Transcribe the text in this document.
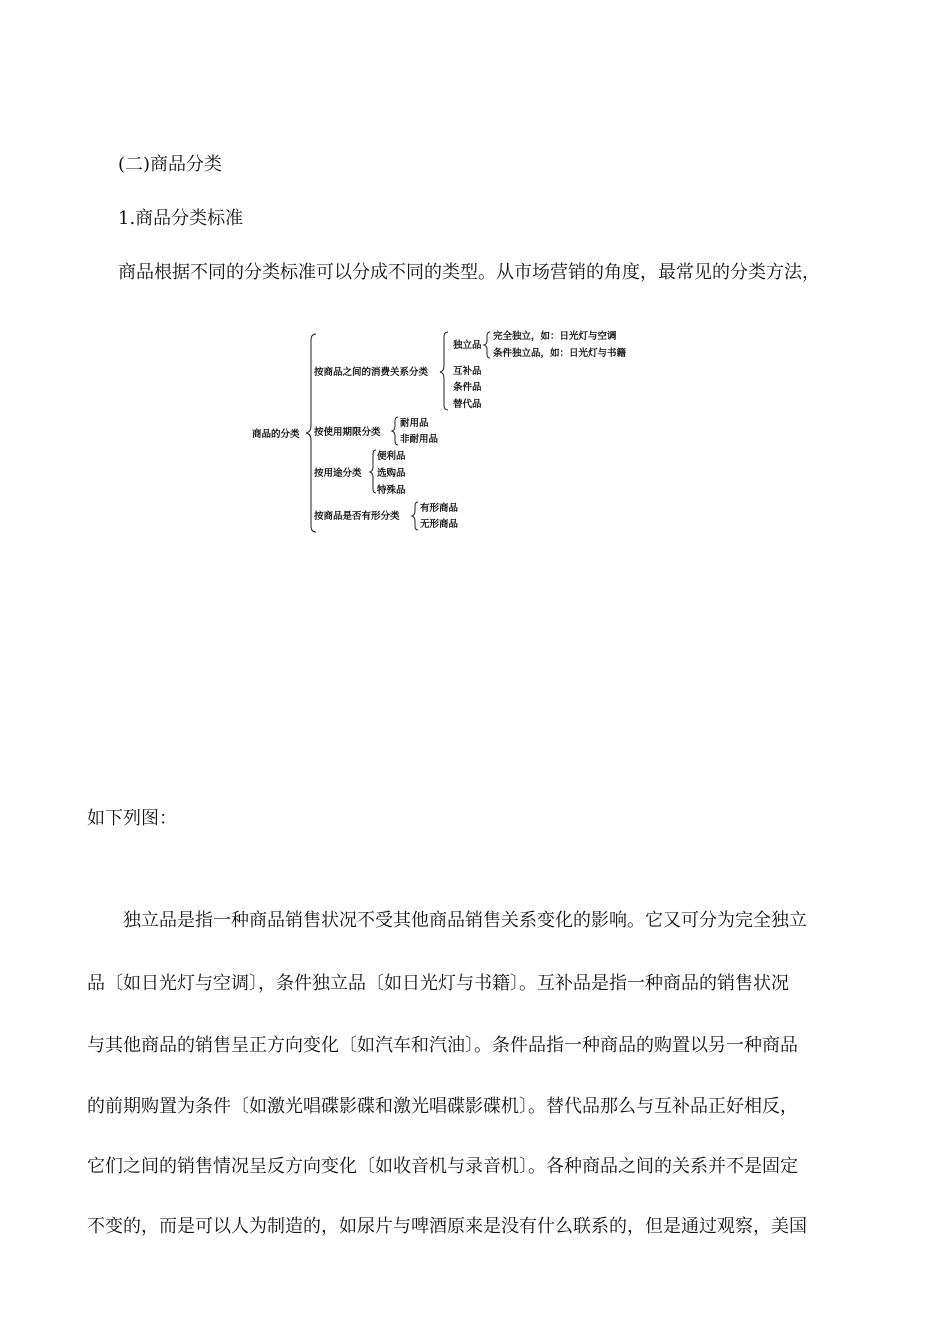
(二)商品分类
1.商品分类标准
商品根据不同的分类标准可以分成不同的类型。从市场营销的角度，最常见的分类方法，
商品的分类
按商品之间的消费关系分类
独立品
完全独立，如：日光灯与空调
条件独立品，如：日光灯与书籍
互补品
条件品
替代品
按使用期限分类
耐用品
非耐用品
按用途分类
便利品
选购品
特殊品
按商品是否有形分类
有形商品
无形商品
如下列图：
　　独立品是指一种商品销售状况不受其他商品销售关系变化的影响。它又可分为完全独立
品〔如日光灯与空调〕，条件独立品〔如日光灯与书籍〕。互补品是指一种商品的销售状况
与其他商品的销售呈正方向变化〔如汽车和汽油〕。条件品指一种商品的购置以另一种商品
的前期购置为条件〔如激光唱碟影碟和激光唱碟影碟机〕。替代品那么与互补品正好相反，
它们之间的销售情况呈反方向变化〔如收音机与录音机〕。各种商品之间的关系并不是固定
不变的，而是可以人为制造的，如尿片与啤酒原来是没有什么联系的，但是通过观察，美国
